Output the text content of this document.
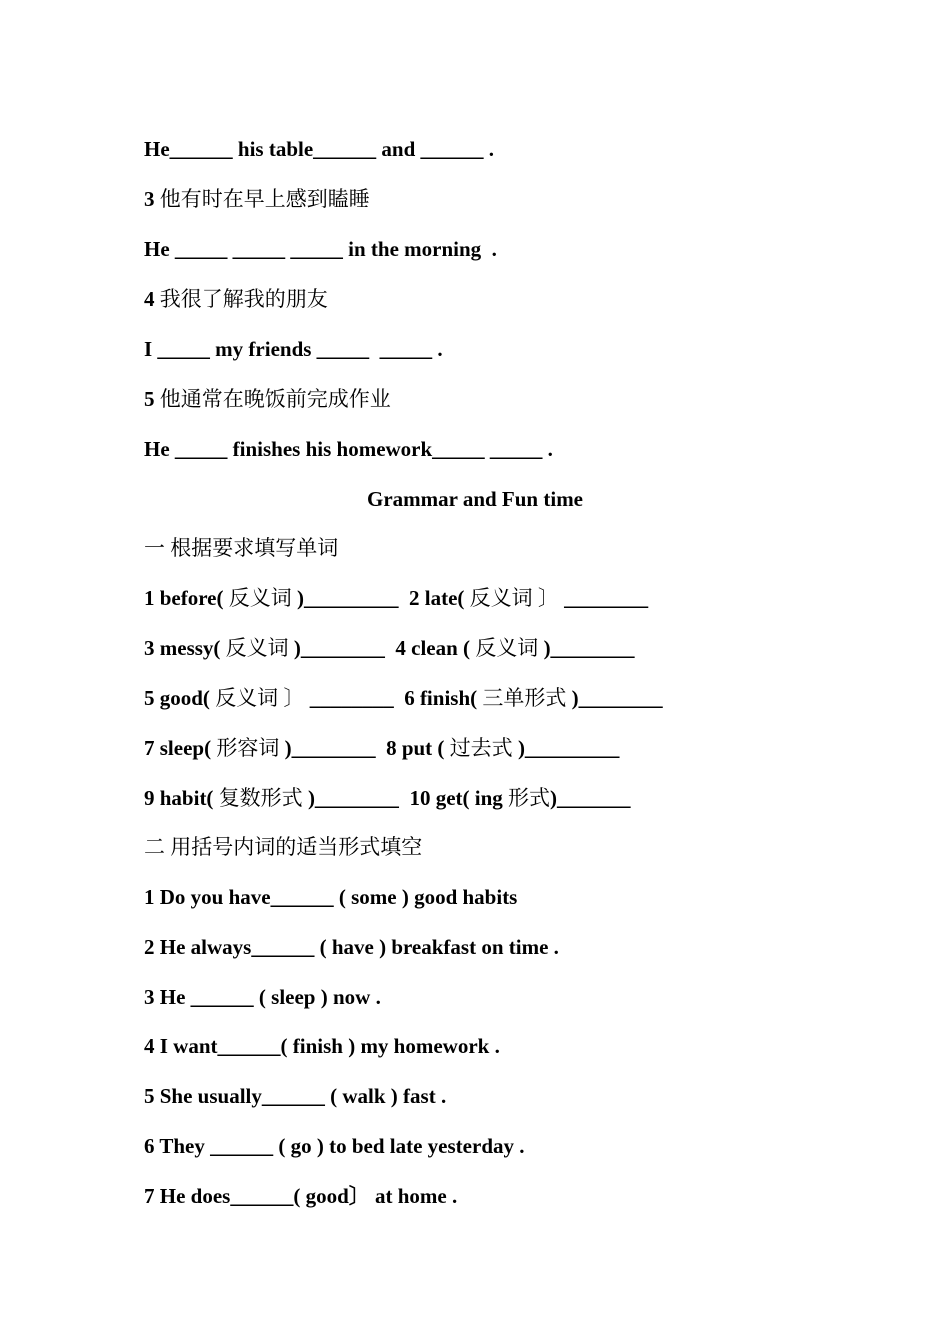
He______ his table______ and ______ .
3 他有时在早上感到瞌睡
He _____ _____ _____ in the morning  .
4 我很了解我的朋友
I _____ my friends _____  _____ .
5 他通常在晚饭前完成作业
He _____ finishes his homework_____ _____ .
Grammar and Fun time
一 根据要求填写单词
1 before( 反义词 )_________  2 late( 反义词 〕 ________
3 messy( 反义词 )________  4 clean ( 反义词 )________
5 good( 反义词 〕 ________  6 finish( 三单形式 )________
7 sleep( 形容词 )________  8 put ( 过去式 )_________
9 habit( 复数形式 )________  10 get( ing 形式)_______
二 用括号内词的适当形式填空
1 Do you have______ ( some ) good habits
2 He always______ ( have ) breakfast on time .
3 He ______ ( sleep ) now .
4 I want______( finish ) my homework .
5 She usually______ ( walk ) fast .
6 They ______ ( go ) to bed late yesterday .
7 He does______( good〕 at home .
